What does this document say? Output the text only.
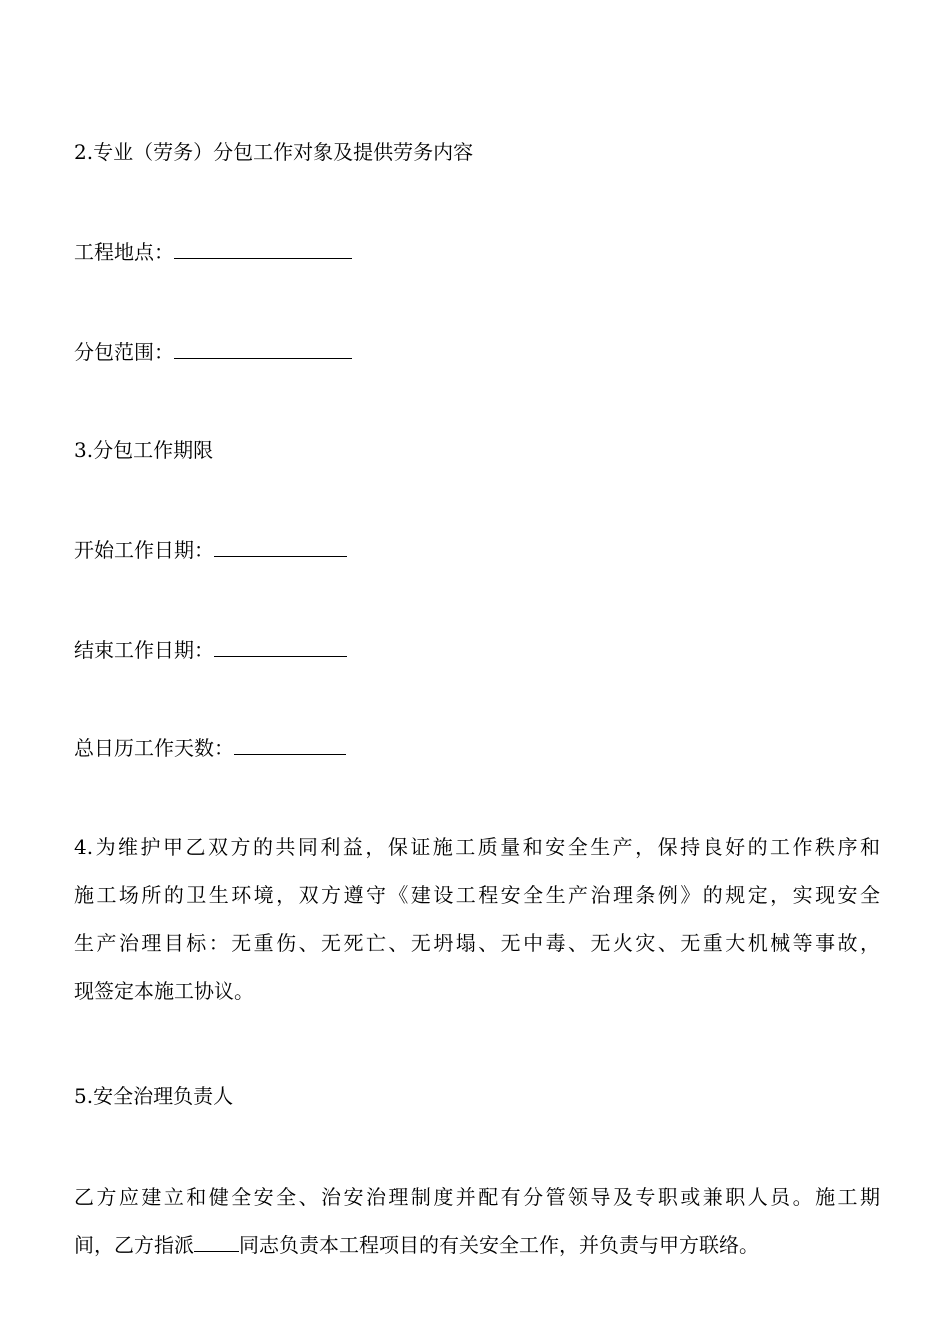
2.专业（劳务）分包工作对象及提供劳务内容
工程地点：
分包范围：
3.分包工作期限
开始工作日期：
结束工作日期：
总日历工作天数：
4.为维护甲乙双方的共同利益，保证施工质量和安全生产，保持良好的工作秩序和
施工场所的卫生环境，双方遵守《建设工程安全生产治理条例》的规定，实现安全
生产治理目标：无重伤、无死亡、无坍塌、无中毒、无火灾、无重大机械等事故，
现签定本施工协议。
5.安全治理负责人
乙方应建立和健全安全、治安治理制度并配有分管领导及专职或兼职人员。施工期
间，乙方指派 同志负责本工程项目的有关安全工作，并负责与甲方联络。
